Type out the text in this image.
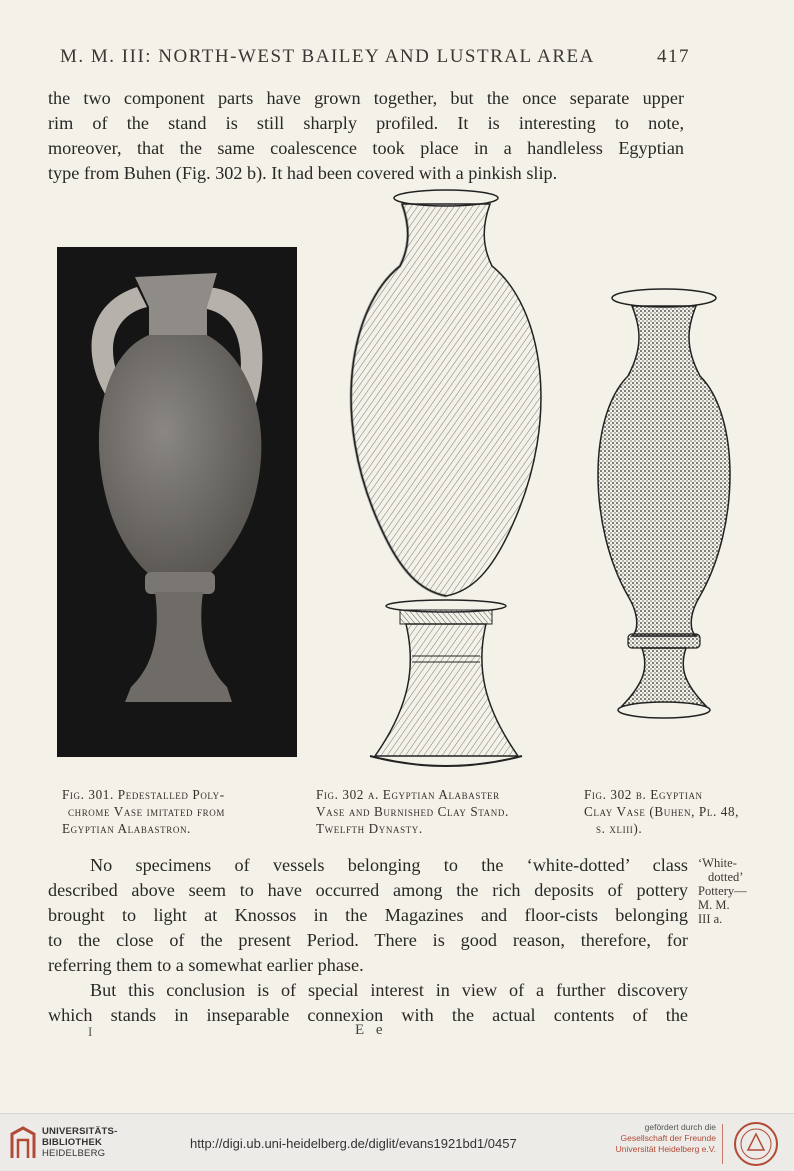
M. M. III: NORTH-WEST BAILEY AND LUSTRAL AREA	417
the two component parts have grown together, but the once separate upper
rim of the stand is still sharply profiled. It is interesting to note,
moreover, that the same coalescence took place in a handleless Egyptian
type from Buhen (Fig. 302 b). It had been covered with a pinkish slip.
Fig. 301. Pedestalled Poly-
chrome Vase imitated from
Egyptian Alabastron.
Fig. 302 a. Egyptian Alabaster
Vase and Burnished Clay Stand.
Twelfth Dynasty.
Fig. 302 b. Egyptian
Clay Vase (Buhen, Pl. 48,
s. xliii).
No specimens of vessels belonging to the ‘white-dotted’ class
described above seem to have occurred among the rich deposits of pottery
brought to light at Knossos in the Magazines and floor-cists belonging
to the close of the present Period. There is good reason, therefore, for
referring them to a somewhat earlier phase.
But this conclusion is of special interest in view of a further discovery
which stands in inseparable connexion with the actual contents of the
‘White-
dotted’
Pottery—
M. M.
III a.
I	E e
UNIVERSITÄTS-
BIBLIOTHEK
HEIDELBERG
http://digi.ub.uni-heidelberg.de/diglit/evans1921bd1/0457
gefördert durch die
Gesellschaft der Freunde
Universität Heidelberg e.V.
